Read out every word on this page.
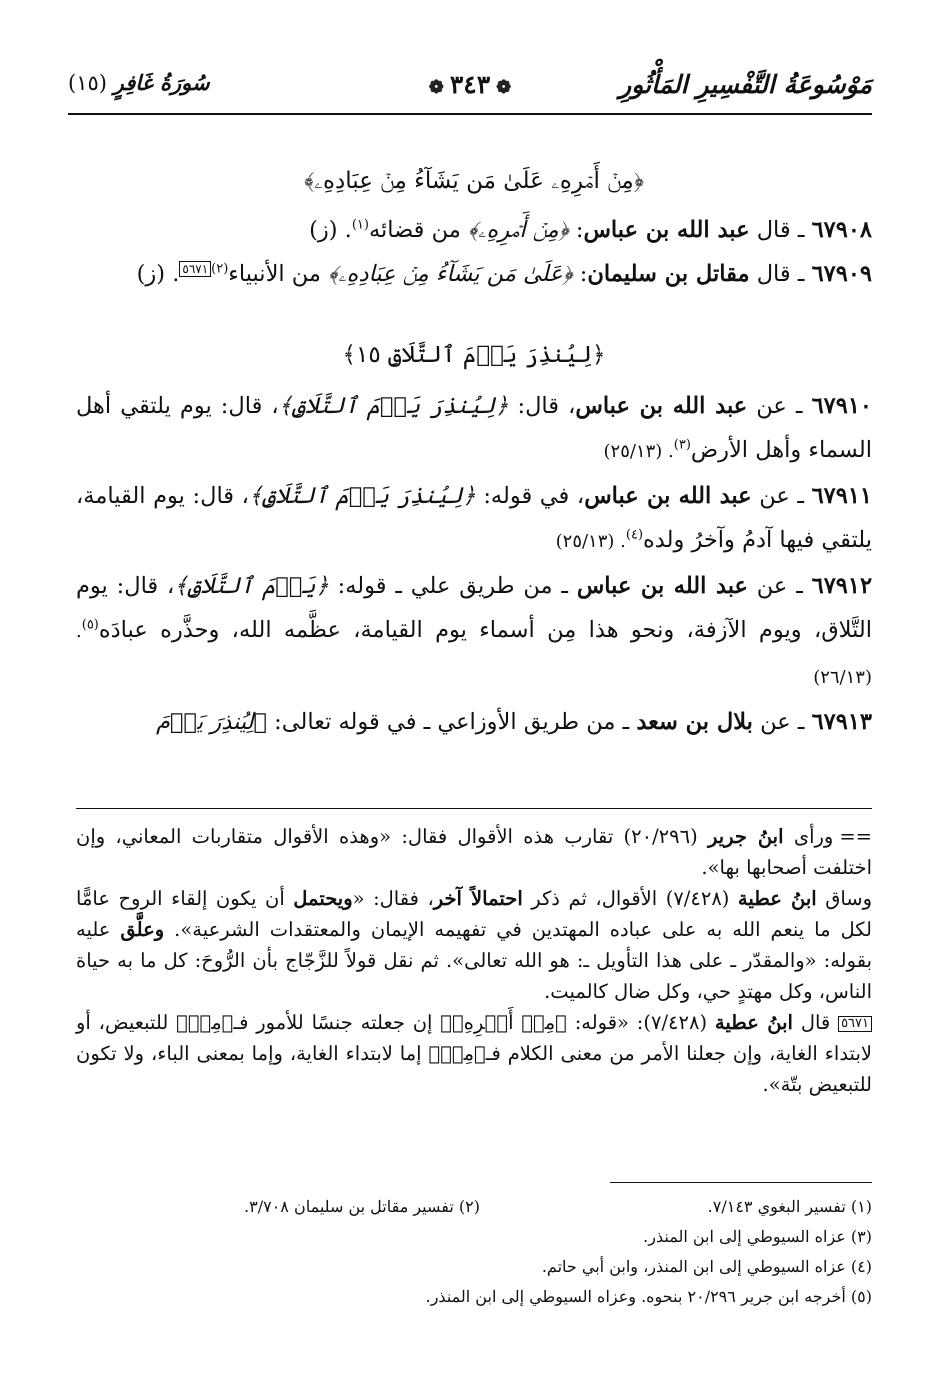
مَوْسُوعَةُ التَّفْسِيرِ المَأْثُورِ
❁٣٤٣❁
سُورَةُ غَافِرٍ (١٥)

﴿مِنۡ أَمۡرِهِۦ عَلَىٰ مَن يَشَآءُ مِنۡ عِبَادِهِۦ﴾

٦٧٩٠٨ ـ قال عبد الله بن عباس: ﴿مِنۡ أَمۡرِهِۦ﴾ من قضائه$^{(١)}$. (ز)

٦٧٩٠٩ ـ قال مقاتل بن سليمان: ﴿عَلَىٰ مَن يَشَآءُ مِنۡ عِبَادِهِۦ﴾ من الأنبياء$^{(٢)}$٥٦٧١. (ز)

﴿لِيُنذِرَ يَوۡمَ ٱلتَّلَاقِ ١٥﴾

٦٧٩١٠ ـ عن عبد الله بن عباس، قال: ﴿لِيُنذِرَ يَوۡمَ ٱلتَّلَاقِ﴾، قال: يوم يلتقي أهل السماء وأهل الأرض$^{(٣)}$. (٢٥/١٣)

٦٧٩١١ ـ عن عبد الله بن عباس، في قوله: ﴿لِيُنذِرَ يَوۡمَ ٱلتَّلَاقِ﴾، قال: يوم القيامة، يلتقي فيها آدمُ وآخرُ ولده$^{(٤)}$. (٢٥/١٣)

٦٧٩١٢ ـ عن عبد الله بن عباس ـ من طريق علي ـ قوله: ﴿يَوۡمَ ٱلتَّلَاقِ﴾، قال: يوم التَّلاق، ويوم الآزفة، ونحو هذا مِن أسماء يوم القيامة، عظَّمه الله، وحذَّره عبادَه$^{(٥)}$. (٢٦/١٣)

٦٧٩١٣ ـ عن بلال بن سعد ـ من طريق الأوزاعي ـ في قوله تعالى: ﴿لِيُنذِرَ يَوۡمَ

==ورأى ابنُ جرير (٢٠/٢٩٦) تقارب هذه الأقوال فقال: «وهذه الأقوال متقاربات المعاني، وإن اختلفت أصحابها بها».

وساق ابنُ عطية (٧/٤٢٨) الأقوال، ثم ذكر احتمالاً آخر، فقال: «ويحتمل أن يكون إلقاء الروح عامًّا لكل ما ينعم الله به على عباده المهتدين في تفهيمه الإيمان والمعتقدات الشرعية». وعلَّق عليه بقوله: «والمقدّر ـ على هذا التأويل ـ: هو الله تعالى». ثم نقل قولاً للزَّجّاج بأن الرُّوحَ: كل ما به حياة الناس، وكل مهتدٍ حي، وكل ضال كالميت.

٥٦٧١ قال ابنُ عطية (٧/٤٢٨): «قوله: ﴿مِنۡ أَمۡرِهِۦ﴾ إن جعلته جنسًا للأمور فـ﴿مِنۡ﴾ للتبعيض، أو لابتداء الغاية، وإن جعلنا الأمر من معنى الكلام فـ﴿مِنۡ﴾ إما لابتداء الغاية، وإما بمعنى الباء، ولا تكون للتبعيض بتّة».

(١) تفسير البغوي ٧/١٤٣.
(٢) تفسير مقاتل بن سليمان ٣/٧٠٨.
(٣) عزاه السيوطي إلى ابن المنذر.
(٤) عزاه السيوطي إلى ابن المنذر، وابن أبي حاتم.
(٥) أخرجه ابن جرير ٢٠/٢٩٦ بنحوه. وعزاه السيوطي إلى ابن المنذر.
